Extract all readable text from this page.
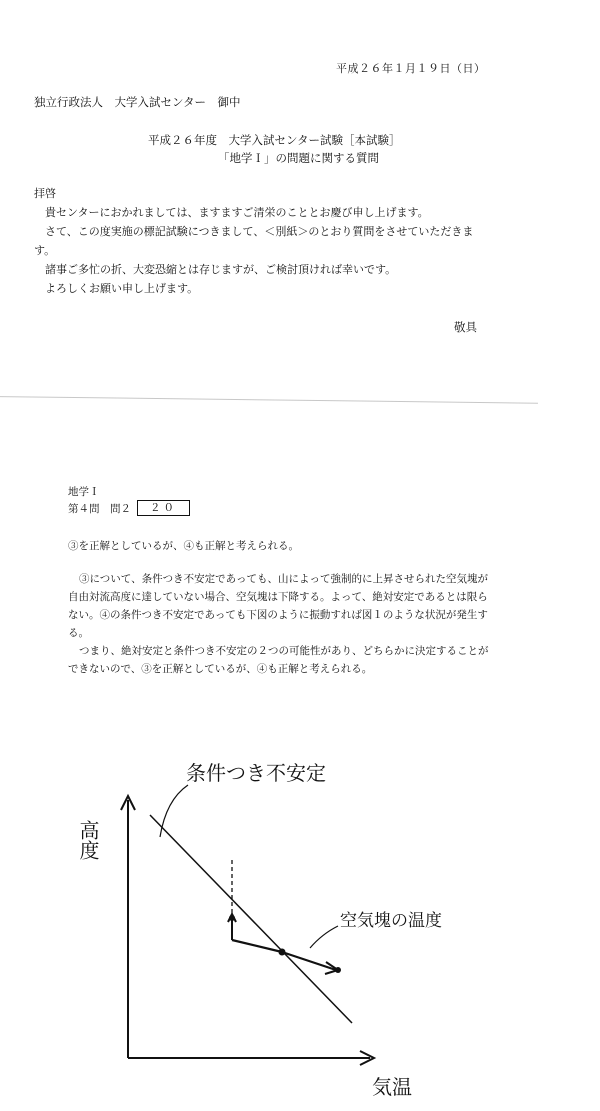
平成２６年１月１９日（日）
独立行政法人　大学入試センター　御中
平成２６年度　大学入試センター試験［本試験］
「地学Ｉ」の問題に関する質問

拝啓

貴センターにおかれましては、ますますご清栄のこととお慶び申し上げます。

さて、この度実施の標記試験につきまして、＜別紙＞のとおり質問をさせていただきま

す。

諸事ご多忙の折、大変恐縮とは存じますが、ご検討頂ければ幸いです。

よろしくお願い申し上げます。

敬具
地学Ｉ
第４問　問２	２０
③を正解としているが、④も正解と考えられる。

③について、条件つき不安定であっても、山によって強制的に上昇させられた空気塊が

自由対流高度に達していない場合、空気塊は下降する。よって、絶対安定であるとは限ら

ない。④の条件つき不安定であっても下図のように振動すれば図１のような状況が発生す

る。

つまり、絶対安定と条件つき不安定の２つの可能性があり、どちらかに決定することが

できないので、③を正解としているが、④も正解と考えられる。

条件つき不安定
空気塊の温度
高度
気温
